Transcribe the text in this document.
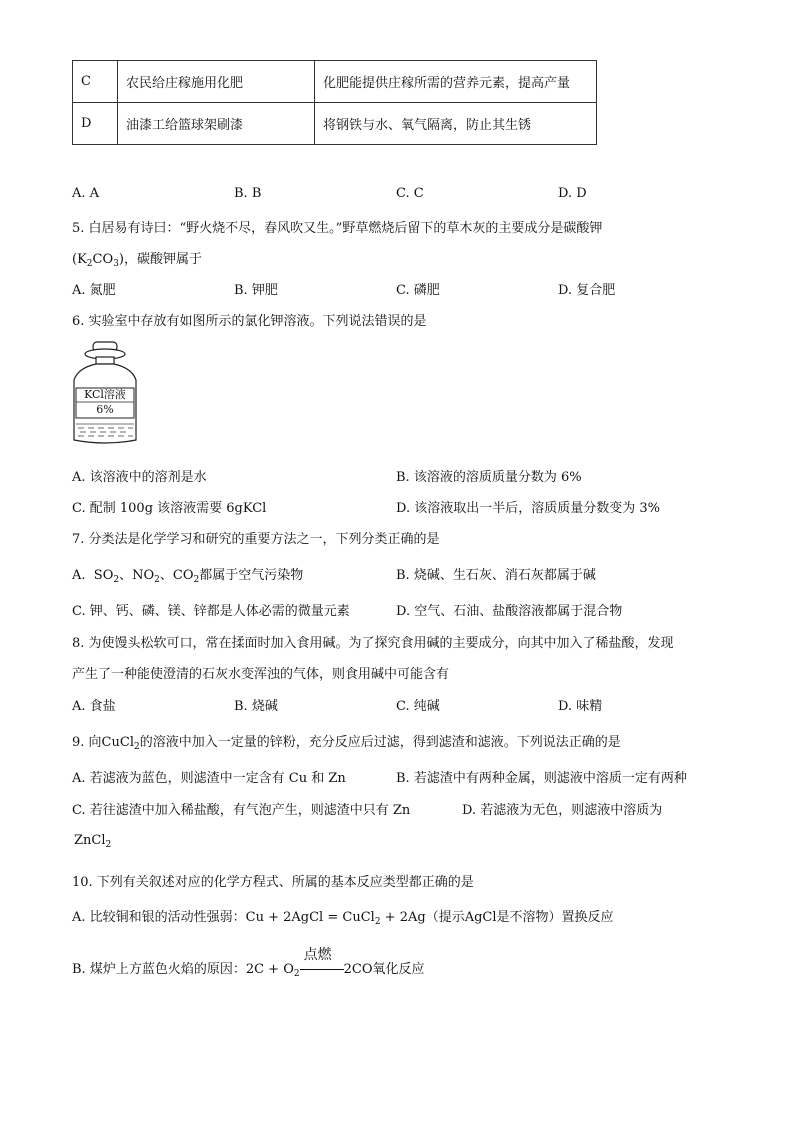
C	农民给庄稼施用化肥	化肥能提供庄稼所需的营养元素，提高产量
D	油漆工给篮球架刷漆	将钢铁与水、氧气隔离，防止其生锈
A. A	B. B	C. C	D. D
5. 白居易有诗曰：“野火烧不尽，春风吹又生。”野草燃烧后留下的草木灰的主要成分是碳酸钾
$(K_2CO_3)$，碳酸钾属于
A. 氮肥	B. 钾肥	C. 磷肥	D. 复合肥
6. 实验室中存放有如图所示的氯化钾溶液。下列说法错误的是
KCl溶液
6%
A. 该溶液中的溶剂是水	B. 该溶液的溶质质量分数为 6%
C. 配制 100g 该溶液需要 6gKCl	D. 该溶液取出一半后，溶质质量分数变为 3%
7. 分类法是化学学习和研究的重要方法之一，下列分类正确的是
A. $SO_2$、$NO_2$、$CO_2$都属于空气污染物	B. 烧碱、生石灰、消石灰都属于碱
C. 钾、钙、磷、镁、锌都是人体必需的微量元素	D. 空气、石油、盐酸溶液都属于混合物
8. 为使馒头松软可口，常在揉面时加入食用碱。为了探究食用碱的主要成分，向其中加入了稀盐酸，发现
产生了一种能使澄清的石灰水变浑浊的气体，则食用碱中可能含有
A. 食盐	B. 烧碱	C. 纯碱	D. 味精
9. 向CuCl$_2$的溶液中加入一定量的锌粉，充分反应后过滤，得到滤渣和滤液。下列说法正确的是
A. 若滤液为蓝色，则滤渣中一定含有 Cu 和 Zn	B. 若滤渣中有两种金属，则滤液中溶质一定有两种
C. 若往滤渣中加入稀盐酸，有气泡产生，则滤渣中只有 Zn	D. 若滤液为无色，则滤液中溶质为
ZnCl$_2$
10. 下列有关叙述对应的化学方程式、所属的基本反应类型都正确的是
A. 比较铜和银的活动性强弱：Cu + 2AgCl = CuCl$_2$ + 2Ag（提示AgCl是不溶物）置换反应
B. 煤炉上方蓝色火焰的原因：$2C + O_2$
点燃
2CO氧化反应
